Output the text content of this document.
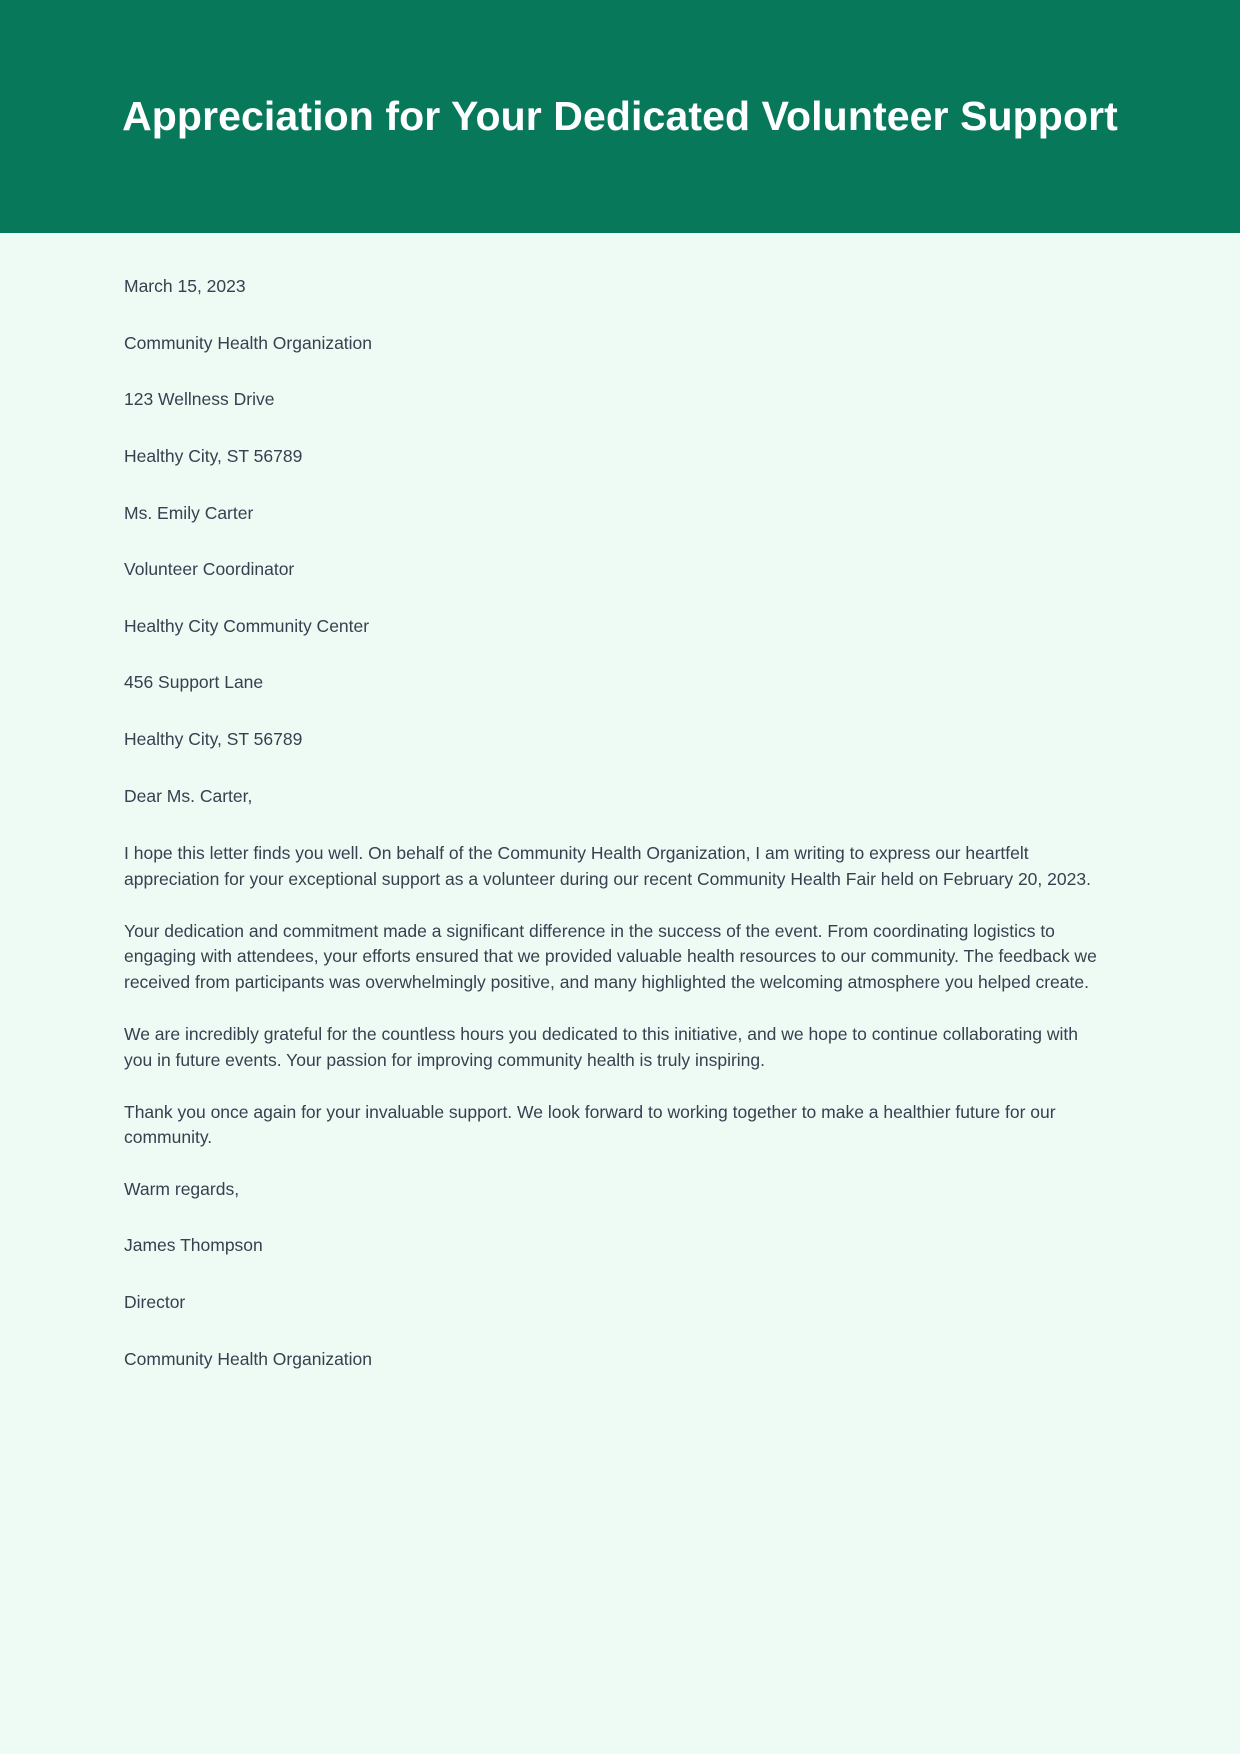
Appreciation for Your Dedicated Volunteer Support

March 15, 2023

Community Health Organization

123 Wellness Drive

Healthy City, ST 56789

Ms. Emily Carter

Volunteer Coordinator

Healthy City Community Center

456 Support Lane

Healthy City, ST 56789

Dear Ms. Carter,

I hope this letter finds you well. On behalf of the Community Health Organization, I am writing to express our heartfelt appreciation for your exceptional support as a volunteer during our recent Community Health Fair held on February 20, 2023.

Your dedication and commitment made a significant difference in the success of the event. From coordinating logistics to engaging with attendees, your efforts ensured that we provided valuable health resources to our community. The feedback we received from participants was overwhelmingly positive, and many highlighted the welcoming atmosphere you helped create.

We are incredibly grateful for the countless hours you dedicated to this initiative, and we hope to continue collaborating with you in future events. Your passion for improving community health is truly inspiring.

Thank you once again for your invaluable support. We look forward to working together to make a healthier future for our community.

Warm regards,

James Thompson

Director

Community Health Organization
